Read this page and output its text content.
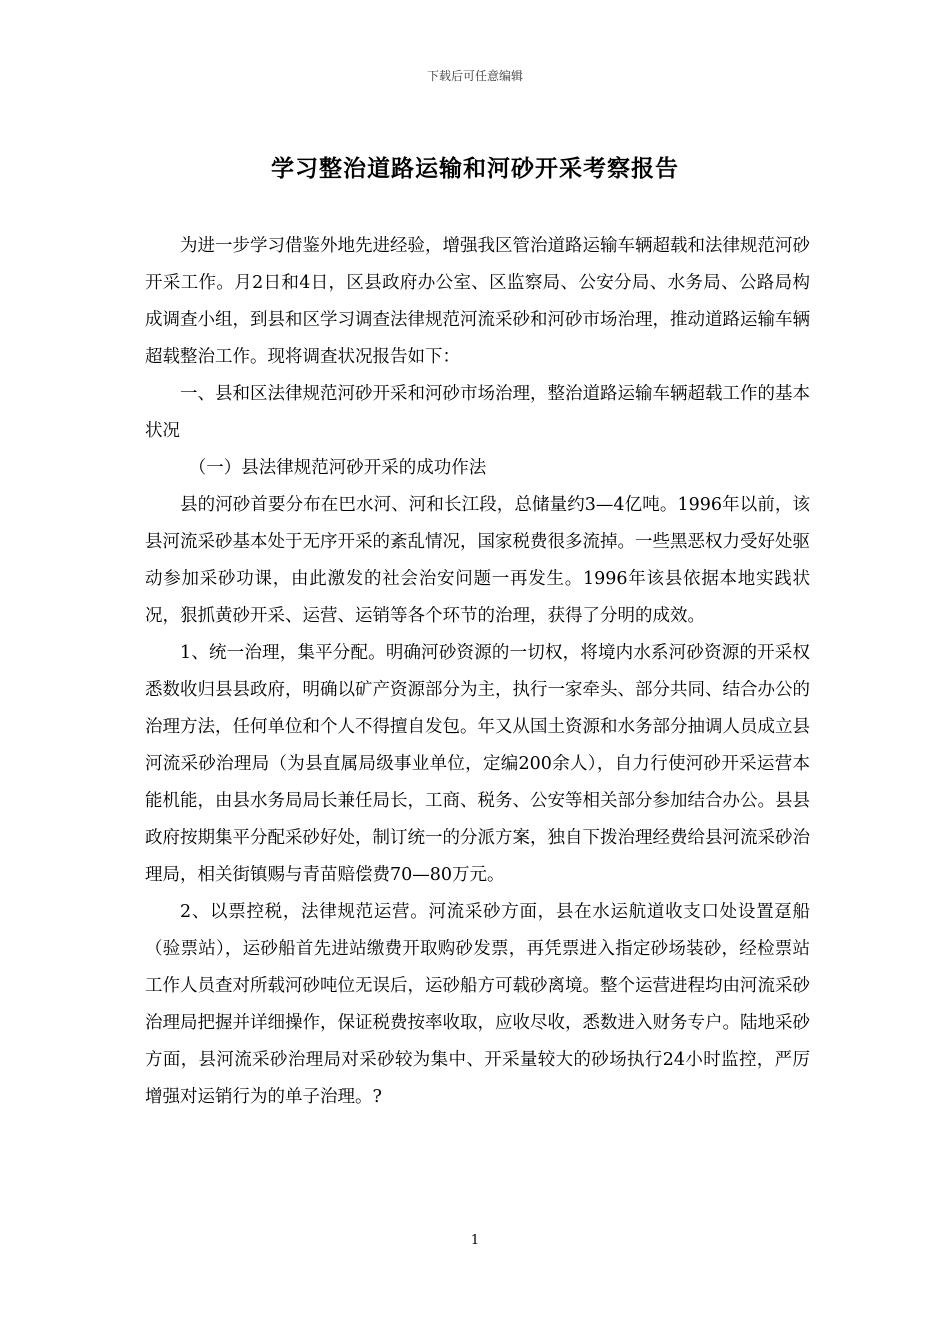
下载后可任意编辑
学习整治道路运输和河砂开采考察报告

为进一步学习借鉴外地先进经验，增强我区管治道路运输车辆超载和法律规范河砂开采工作。月2日和4日，区县政府办公室、区监察局、公安分局、水务局、公路局构成调查小组，到县和区学习调查法律规范河流采砂和河砂市场治理，推动道路运输车辆超载整治工作。现将调查状况报告如下：

一、县和区法律规范河砂开采和河砂市场治理，整治道路运输车辆超载工作的基本状况

（一）县法律规范河砂开采的成功作法

县的河砂首要分布在巴水河、河和长江段，总储量约3—4亿吨。1996年以前，该县河流采砂基本处于无序开采的紊乱情况，国家税费很多流掉。一些黑恶权力受好处驱动参加采砂功课，由此激发的社会治安问题一再发生。1996年该县依据本地实践状况，狠抓黄砂开采、运营、运销等各个环节的治理，获得了分明的成效。

1、统一治理，集平分配。明确河砂资源的一切权，将境内水系河砂资源的开采权悉数收归县县政府，明确以矿产资源部分为主，执行一家牵头、部分共同、结合办公的治理方法，任何单位和个人不得擅自发包。年又从国土资源和水务部分抽调人员成立县河流采砂治理局（为县直属局级事业单位，定编200余人），自力行使河砂开采运营本能机能，由县水务局局长兼任局长，工商、税务、公安等相关部分参加结合办公。县县政府按期集平分配采砂好处，制订统一的分派方案，独自下拨治理经费给县河流采砂治理局，相关街镇赐与青苗赔偿费70—80万元。

2、以票控税，法律规范运营。河流采砂方面，县在水运航道收支口处设置趸船（验票站），运砂船首先进站缴费开取购砂发票，再凭票进入指定砂场装砂，经检票站工作人员查对所载河砂吨位无误后，运砂船方可载砂离境。整个运营进程均由河流采砂治理局把握并详细操作，保证税费按率收取，应收尽收，悉数进入财务专户。陆地采砂方面，县河流采砂治理局对采砂较为集中、开采量较大的砂场执行24小时监控，严厉增强对运销行为的单子治理。?

1
